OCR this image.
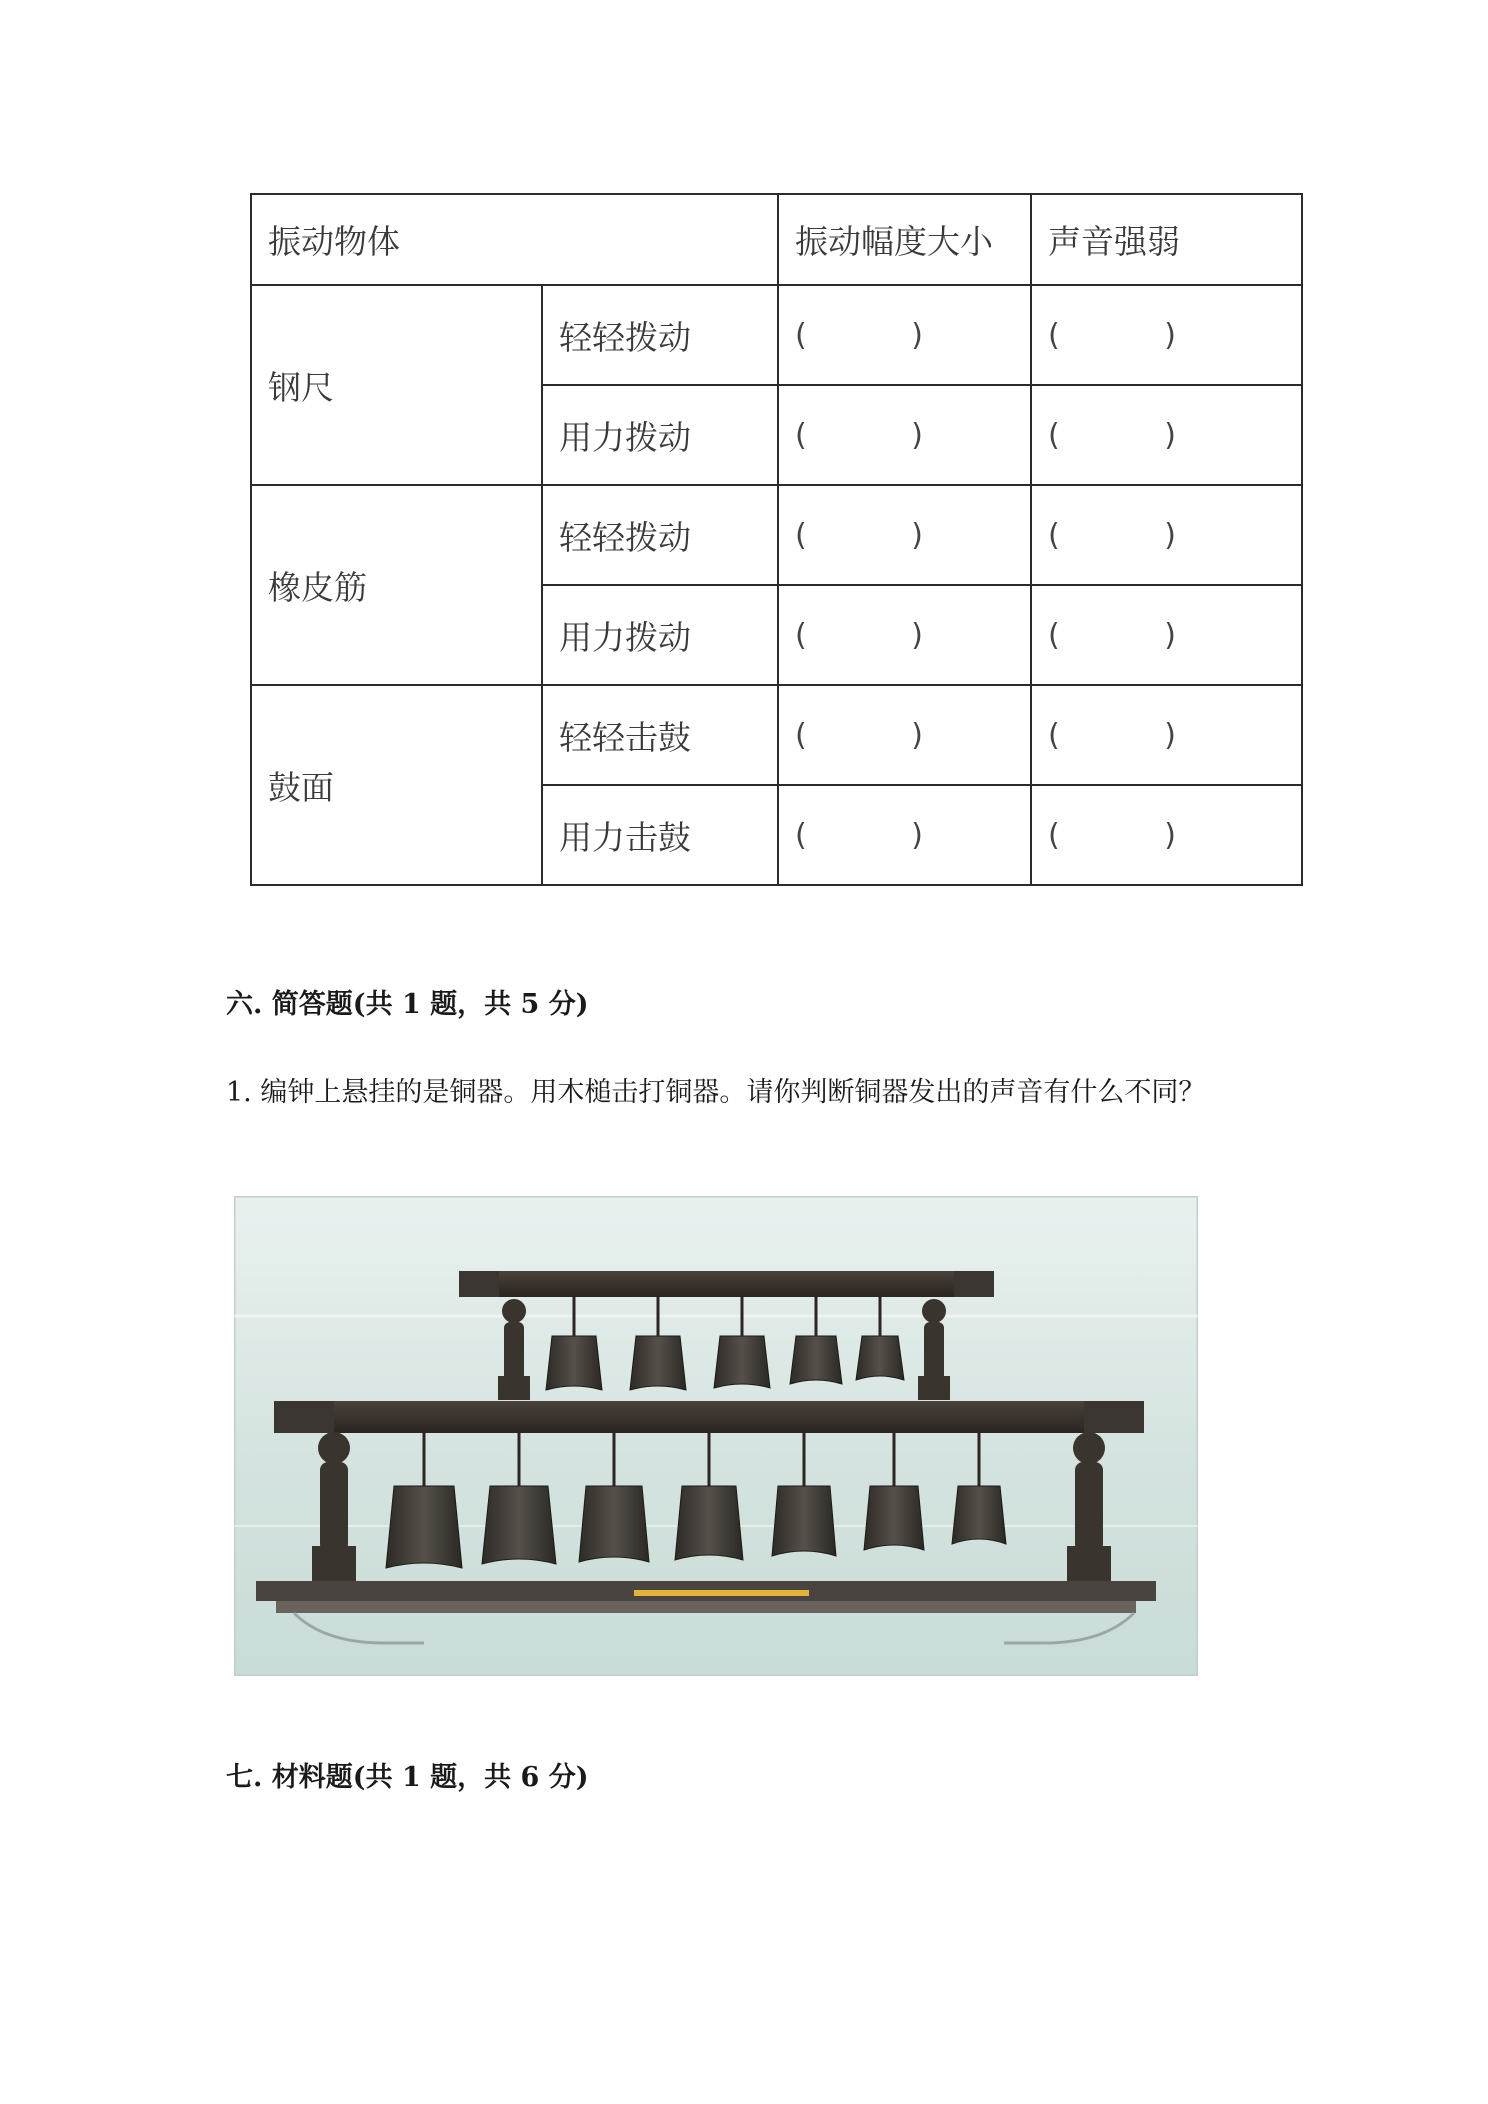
振动物体		振动幅度大小	声音强弱
钢尺	轻轻拨动	( )	( )

	用力拨动	( )	( )

橡皮筋	轻轻拨动	( )	( )

	用力拨动	( )	( )

鼓面	轻轻击鼓	( )	( )

	用力击鼓	( )	( )
六. 简答题(共 1 题，共 5 分)
1. 编钟上悬挂的是铜器。用木槌击打铜器。请你判断铜器发出的声音有什么不同？
七. 材料题(共 1 题，共 6 分)
